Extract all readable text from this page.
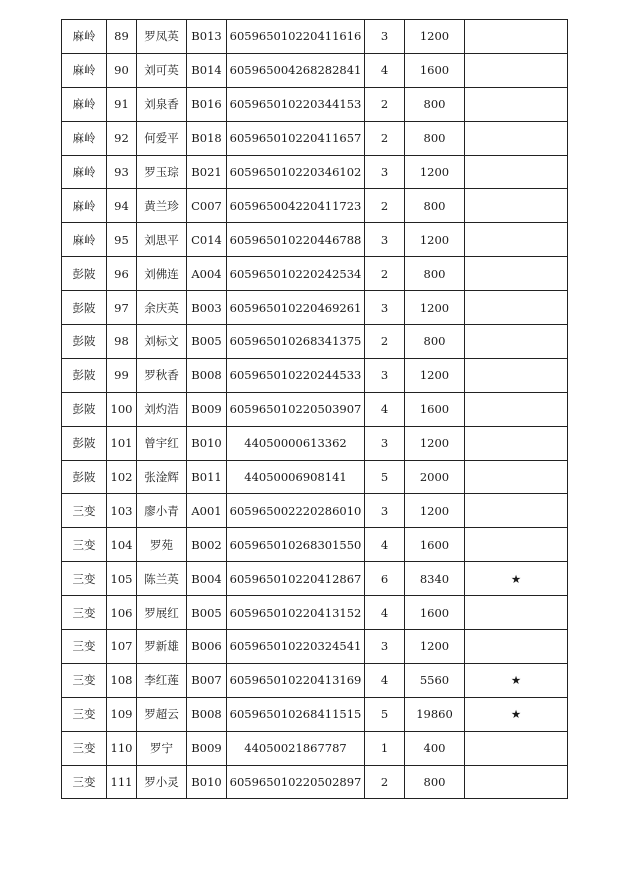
麻岭	89	罗凤英	B013	605965010220411616	3	1200	
麻岭	90	刘可英	B014	605965004268282841	4	1600	
麻岭	91	刘泉香	B016	605965010220344153	2	800	
麻岭	92	何爱平	B018	605965010220411657	2	800	
麻岭	93	罗玉琮	B021	605965010220346102	3	1200	
麻岭	94	黄兰珍	C007	605965004220411723	2	800	
麻岭	95	刘思平	C014	605965010220446788	3	1200	
彭陂	96	刘佛连	A004	605965010220242534	2	800	
彭陂	97	余庆英	B003	605965010220469261	3	1200	
彭陂	98	刘标文	B005	605965010268341375	2	800	
彭陂	99	罗秋香	B008	605965010220244533	3	1200	
彭陂	100	刘灼浩	B009	605965010220503907	4	1600	
彭陂	101	曾宇红	B010	44050000613362	3	1200	
彭陂	102	张淦辉	B011	44050006908141	5	2000	
三变	103	廖小青	A001	605965002220286010	3	1200	
三变	104	罗苑	B002	605965010268301550	4	1600	
三变	105	陈兰英	B004	605965010220412867	6	8340	★
三变	106	罗展红	B005	605965010220413152	4	1600	
三变	107	罗新雄	B006	605965010220324541	3	1200	
三变	108	李红莲	B007	605965010220413169	4	5560	★
三变	109	罗超云	B008	605965010268411515	5	19860	★
三变	110	罗宁	B009	44050021867787	1	400	
三变	111	罗小灵	B010	605965010220502897	2	800	
